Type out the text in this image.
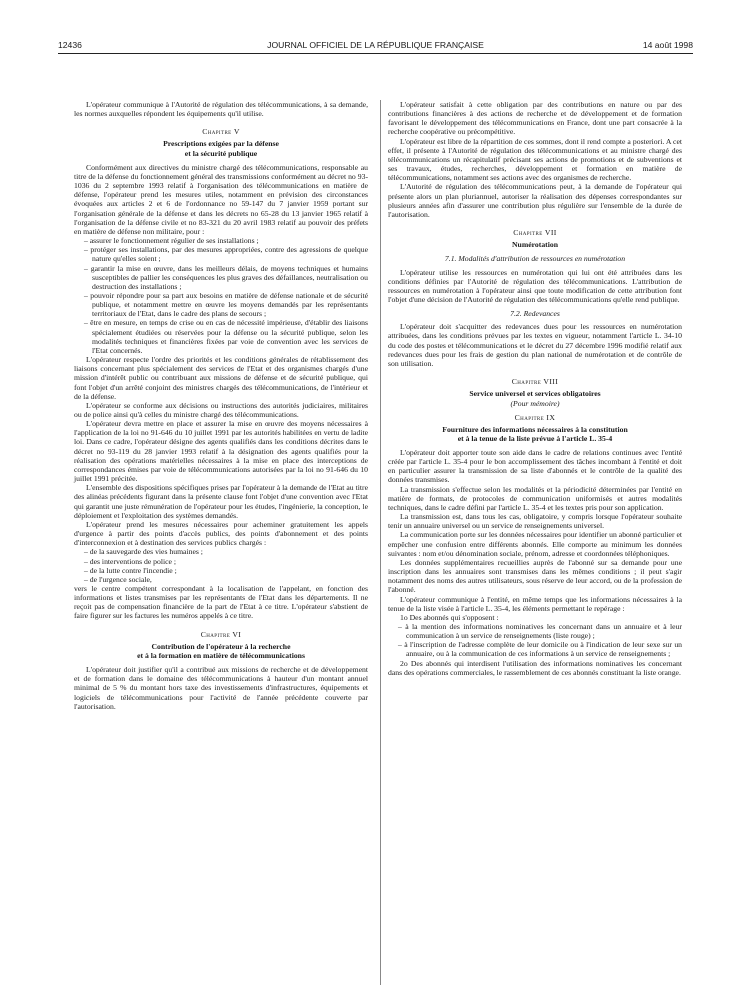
12436	JOURNAL OFFICIEL DE LA RÉPUBLIQUE FRANÇAISE	14 août 1998

L'opérateur communique à l'Autorité de régulation des télécommunications, à sa demande, les normes auxquelles répondent les équipements qu'il utilise.

Chapitre V
Prescriptions exigées par la défense
et la sécurité publique

Conformément aux directives du ministre chargé des télécommunications, responsable au titre de la défense du fonctionnement général des transmissions conformément au décret no 93-1036 du 2 septembre 1993 relatif à l'organisation des télécommunications en matière de défense, l'opérateur prend les mesures utiles, notamment en prévision des circonstances évoquées aux articles 2 et 6 de l'ordonnance no 59-147 du 7 janvier 1959 portant sur l'organisation générale de la défense et dans les décrets no 65-28 du 13 janvier 1965 relatif à l'organisation de la défense civile et no 83-321 du 20 avril 1983 relatif au pouvoir des préfets en matière de défense non militaire, pour :

– assurer le fonctionnement régulier de ses installations ;
– protéger ses installations, par des mesures appropriées, contre des agressions de quelque nature qu'elles soient ;
– garantir la mise en œuvre, dans les meilleurs délais, de moyens techniques et humains susceptibles de pallier les conséquences les plus graves des défaillances, neutralisation ou destruction des installations ;
– pouvoir répondre pour sa part aux besoins en matière de défense nationale et de sécurité publique, et notamment mettre en œuvre les moyens demandés par les représentants territoriaux de l'Etat, dans le cadre des plans de secours ;
– être en mesure, en temps de crise ou en cas de nécessité impérieuse, d'établir des liaisons spécialement étudiées ou réservées pour la défense ou la sécurité publique, selon les modalités techniques et financières fixées par voie de convention avec les services de l'Etat concernés.

L'opérateur respecte l'ordre des priorités et les conditions générales de rétablissement des liaisons concernant plus spécialement des services de l'Etat et des organismes chargés d'une mission d'intérêt public ou contribuant aux missions de défense et de sécurité publique, qui font l'objet d'un arrêté conjoint des ministres chargés des télécommunications, de l'intérieur et de la défense.

L'opérateur se conforme aux décisions ou instructions des autorités judiciaires, militaires ou de police ainsi qu'à celles du ministre chargé des télécommunications.

L'opérateur devra mettre en place et assurer la mise en œuvre des moyens nécessaires à l'application de la loi no 91-646 du 10 juillet 1991 par les autorités habilitées en vertu de ladite loi. Dans ce cadre, l'opérateur désigne des agents qualifiés dans les conditions décrites dans le décret no 93-119 du 28 janvier 1993 relatif à la désignation des agents qualifiés pour la réalisation des opérations matérielles nécessaires à la mise en place des interceptions de correspondances émises par voie de télécommunications autorisées par la loi no 91-646 du 10 juillet 1991 précitée.

L'ensemble des dispositions spécifiques prises par l'opérateur à la demande de l'Etat au titre des alinéas précédents figurant dans la présente clause font l'objet d'une convention avec l'Etat qui garantit une juste rémunération de l'opérateur pour les études, l'ingénierie, la conception, le déploiement et l'exploitation des systèmes demandés.

L'opérateur prend les mesures nécessaires pour acheminer gratuitement les appels d'urgence à partir des points d'accès publics, des points d'abonnement et des points d'interconnexion et à destination des services publics chargés :

– de la sauvegarde des vies humaines ;
– des interventions de police ;
– de la lutte contre l'incendie ;
– de l'urgence sociale,

vers le centre compétent correspondant à la localisation de l'appelant, en fonction des informations et listes transmises par les représentants de l'Etat dans les départements. Il ne reçoit pas de compensation financière de la part de l'Etat à ce titre. L'opérateur s'abstient de faire figurer sur les factures les numéros appelés à ce titre.

Chapitre VI
Contribution de l'opérateur à la recherche
et à la formation en matière de télécommunications

L'opérateur doit justifier qu'il a contribué aux missions de recherche et de développement et de formation dans le domaine des télécommunications à hauteur d'un montant annuel minimal de 5 % du montant hors taxe des investissements d'infrastructures, équipements et logiciels de télécommunications pour l'activité de l'année précédente couverte par l'autorisation.

L'opérateur satisfait à cette obligation par des contributions en nature ou par des contributions financières à des actions de recherche et de développement et de formation favorisant le développement des télécommunications en France, dont une part consacrée à la recherche coopérative ou précompétitive.

L'opérateur est libre de la répartition de ces sommes, dont il rend compte a posteriori. A cet effet, il présente à l'Autorité de régulation des télécommunications et au ministre chargé des télécommunications un récapitulatif précisant ses actions de promotions et de subventions et ses travaux, études, recherches, développement et formation en matière de télécommunications, notamment ses actions avec des organismes de recherche.

L'Autorité de régulation des télécommunications peut, à la demande de l'opérateur qui présente alors un plan pluriannuel, autoriser la réalisation des dépenses correspondantes sur plusieurs années afin d'assurer une contribution plus régulière sur l'ensemble de la durée de l'autorisation.

Chapitre VII
Numérotation
7.1. Modalités d'attribution de ressources en numérotation

L'opérateur utilise les ressources en numérotation qui lui ont été attribuées dans les conditions définies par l'Autorité de régulation des télécommunications. L'attribution de ressources en numérotation à l'opérateur ainsi que toute modification de cette attribution font l'objet d'une décision de l'Autorité de régulation des télécommunications qu'elle rend publique.

7.2. Redevances

L'opérateur doit s'acquitter des redevances dues pour les ressources en numérotation attribuées, dans les conditions prévues par les textes en vigueur, notamment l'article L. 34-10 du code des postes et télécommunications et le décret du 27 décembre 1996 modifié relatif aux redevances dues pour les frais de gestion du plan national de numérotation et de contrôle de son utilisation.

Chapitre VIII
Service universel et services obligatoires
(Pour mémoire)
Chapitre IX
Fourniture des informations nécessaires à la constitution
et à la tenue de la liste prévue à l'article L. 35-4

L'opérateur doit apporter toute son aide dans le cadre de relations continues avec l'entité créée par l'article L. 35-4 pour le bon accomplissement des tâches incombant à l'entité et doit en particulier assurer la transmission de sa liste d'abonnés et le contrôle de la qualité des données transmises.

La transmission s'effectue selon les modalités et la périodicité déterminées par l'entité en matière de formats, de protocoles de communication uniformisés et autres modalités techniques, dans le cadre défini par l'article L. 35-4 et les textes pris pour son application.

La transmission est, dans tous les cas, obligatoire, y compris lorsque l'opérateur souhaite tenir un annuaire universel ou un service de renseignements universel.

La communication porte sur les données nécessaires pour identifier un abonné particulier et empêcher une confusion entre différents abonnés. Elle comporte au minimum les données suivantes : nom et/ou dénomination sociale, prénom, adresse et coordonnées téléphoniques.

Les données supplémentaires recueillies auprès de l'abonné sur sa demande pour une inscription dans les annuaires sont transmises dans les mêmes conditions ; il peut s'agir notamment des noms des autres utilisateurs, sous réserve de leur accord, ou de la profession de l'abonné.

L'opérateur communique à l'entité, en même temps que les informations nécessaires à la tenue de la liste visée à l'article L. 35-4, les éléments permettant le repérage :

1o Des abonnés qui s'opposent :

– à la mention des informations nominatives les concernant dans un annuaire et à leur communication à un service de renseignements (liste rouge) ;
– à l'inscription de l'adresse complète de leur domicile ou à l'indication de leur sexe sur un annuaire, ou à la communication de ces informations à un service de renseignements ;

2o Des abonnés qui interdisent l'utilisation des informations nominatives les concernant dans des opérations commerciales, le rassemblement de ces abonnés constituant la liste orange.
